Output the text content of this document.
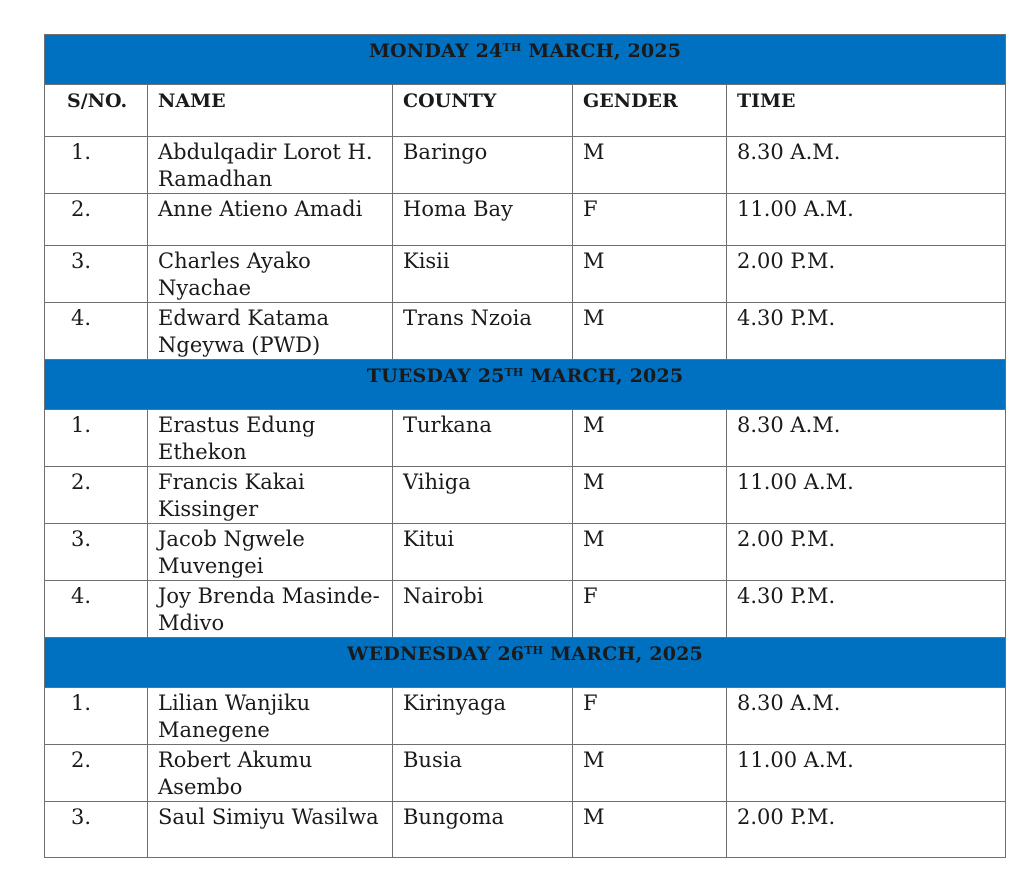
MONDAY 24TH MARCH, 2025				
S/NO.	NAME	COUNTY	GENDER	TIME
1.	Abdulqadir Lorot H. Ramadhan	Baringo	M	8.30 A.M.
2.	Anne Atieno Amadi	Homa Bay	F	11.00 A.M.
3.	Charles Ayako Nyachae	Kisii	M	2.00 P.M.
4.	Edward Katama Ngeywa (PWD)	Trans Nzoia	M	4.30 P.M.
TUESDAY 25TH MARCH, 2025				
1.	Erastus Edung Ethekon	Turkana	M	8.30 A.M.
2.	Francis Kakai Kissinger	Vihiga	M	11.00 A.M.
3.	Jacob Ngwele Muvengei	Kitui	M	2.00 P.M.
4.	Joy Brenda Masinde-Mdivo	Nairobi	F	4.30 P.M.
WEDNESDAY 26TH MARCH, 2025				
1.	Lilian Wanjiku Manegene	Kirinyaga	F	8.30 A.M.
2.	Robert Akumu Asembo	Busia	M	11.00 A.M.
3.	Saul Simiyu Wasilwa	Bungoma	M	2.00 P.M.
